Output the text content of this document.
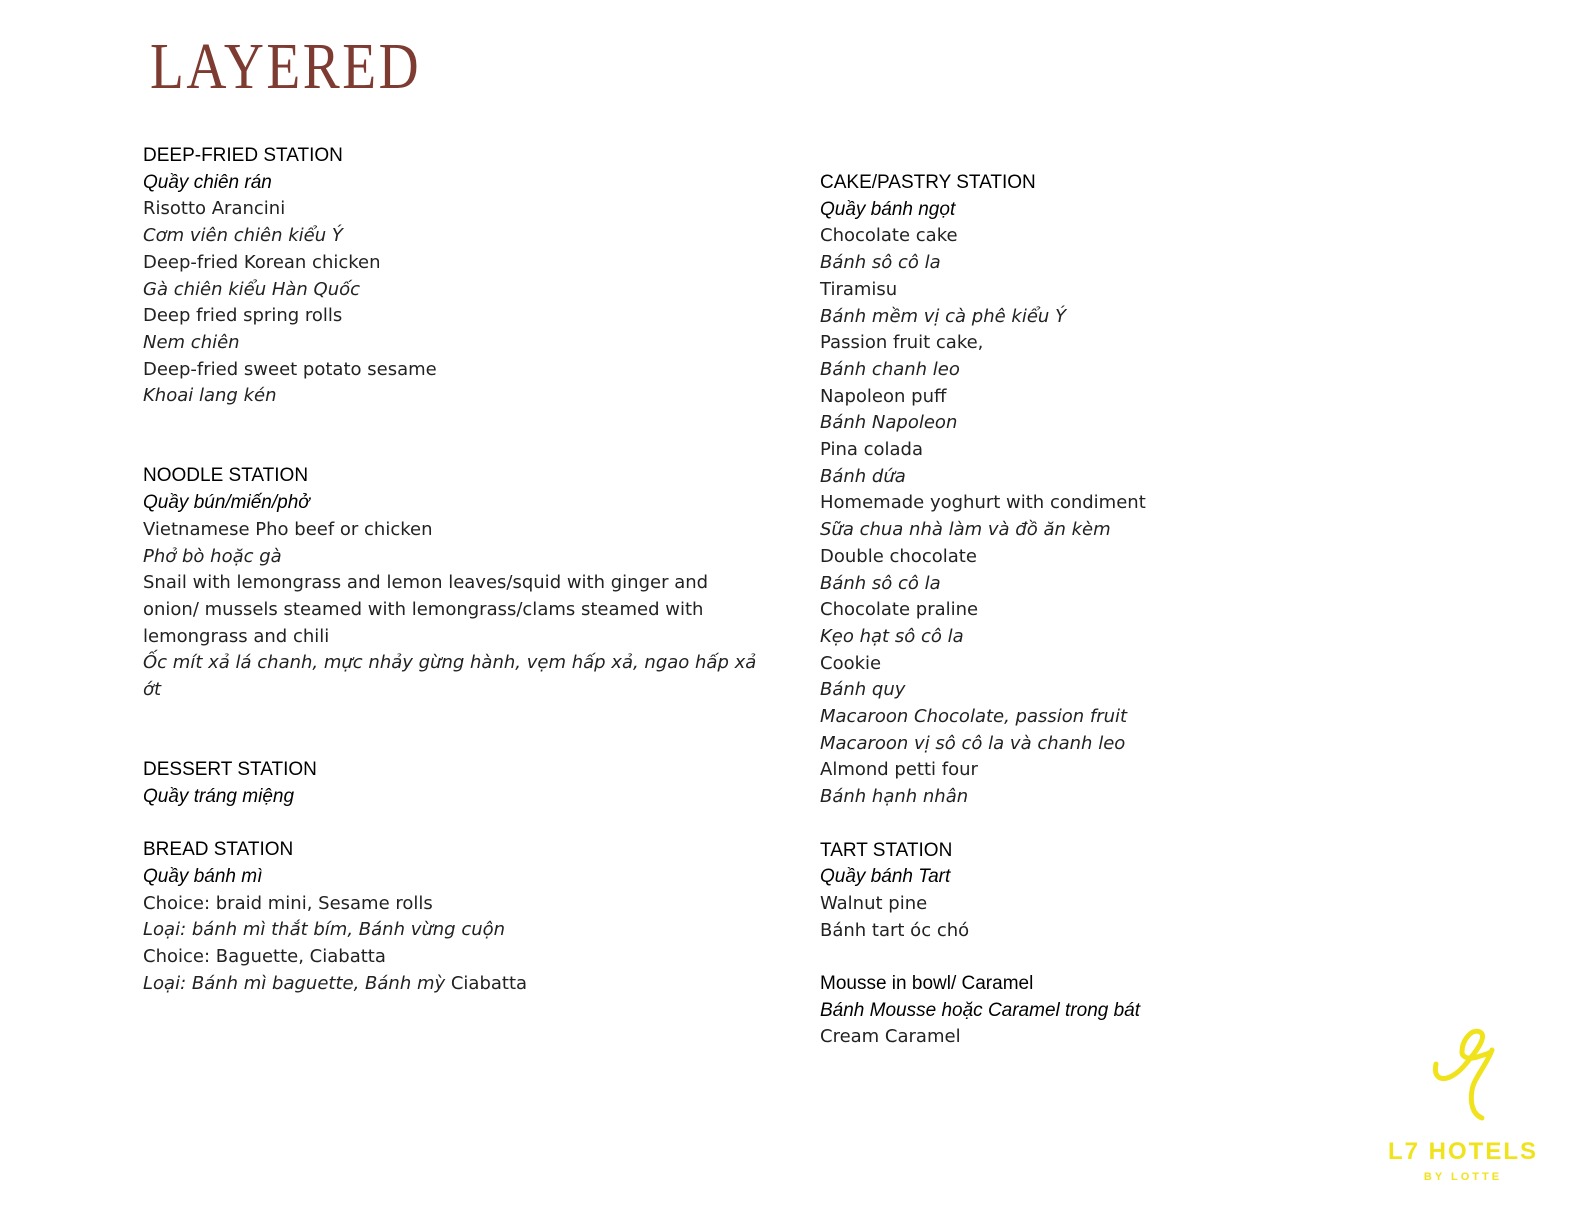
LAYERED

DEEP-FRIED STATION

Quầy chiên rán

Risotto Arancini

Cơm viên chiên kiểu Ý

Deep-fried Korean chicken

Gà chiên kiểu Hàn Quốc

Deep fried spring rolls

Nem chiên

Deep-fried sweet potato sesame

Khoai lang kén

NOODLE STATION

Quầy bún/miến/phở

Vietnamese Pho beef or chicken

Phở bò hoặc gà

Snail with lemongrass and lemon leaves/squid with ginger and onion/ mussels steamed with lemongrass/clams steamed with lemongrass and chili

Ốc mít xả lá chanh, mực nhảy gừng hành, vẹm hấp xả, ngao hấp xả ớt

DESSERT STATION

Quầy tráng miệng

BREAD STATION

Quầy bánh mì

Choice: braid mini, Sesame rolls

Loại: bánh mì thắt bím, Bánh vừng cuộn

Choice: Baguette, Ciabatta

Loại: Bánh mì baguette, Bánh mỳ Ciabatta

CAKE/PASTRY STATION

Quầy bánh ngọt

Chocolate cake

Bánh sô cô la

Tiramisu

Bánh mềm vị cà phê kiểu Ý

Passion fruit cake,

Bánh chanh leo

Napoleon puff

Bánh Napoleon

Pina colada

Bánh dứa

Homemade yoghurt with condiment

Sữa chua nhà làm và đồ ăn kèm

Double chocolate

Bánh sô cô la

Chocolate praline

Kẹo hạt sô cô la

Cookie

Bánh quy

Macaroon Chocolate, passion fruit

Macaroon vị sô cô la và chanh leo

Almond petti four

Bánh hạnh nhân

TART STATION

Quầy bánh Tart

Walnut pine

Bánh tart óc chó

Mousse in bowl/ Caramel

Bánh Mousse hoặc Caramel trong bát

Cream Caramel

L7 HOTELS
BY LOTTE
